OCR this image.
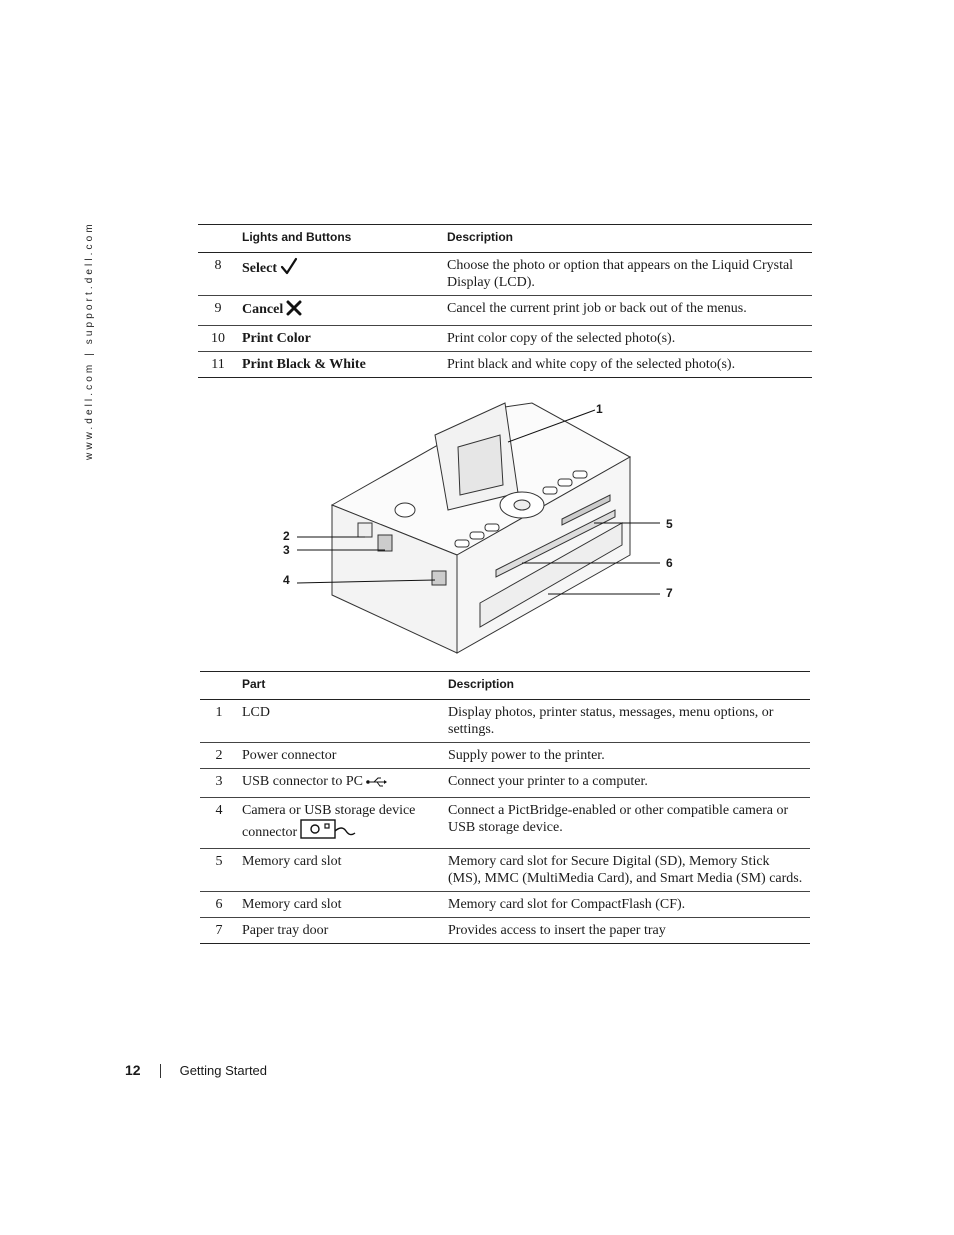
www.dell.com | support.dell.com
		Lights and Buttons	Description
8	Select	Choose the photo or option that appears on the Liquid Crystal Display (LCD).
9	Cancel	Cancel the current print job or back out of the menus.
10	Print Color	Print color copy of the selected photo(s).
11	Print Black & White	Print black and white copy of the selected photo(s).
1
2
3
4
5
6
7
	Part	Description
1	LCD	Display photos, printer status, messages, menu options, or settings.
2	Power connector	Supply power to the printer.
3	USB connector to PC	Connect your printer to a computer.
4	Camera or USB storage device connector	Connect a PictBridge-enabled or other compatible camera or USB storage device.
5	Memory card slot	Memory card slot for Secure Digital (SD), Memory Stick (MS), MMC (MultiMedia Card), and Smart Media (SM) cards.
6	Memory card slot	Memory card slot for CompactFlash (CF).
7	Paper tray door	Provides access to insert the paper tray
12	Getting Started
